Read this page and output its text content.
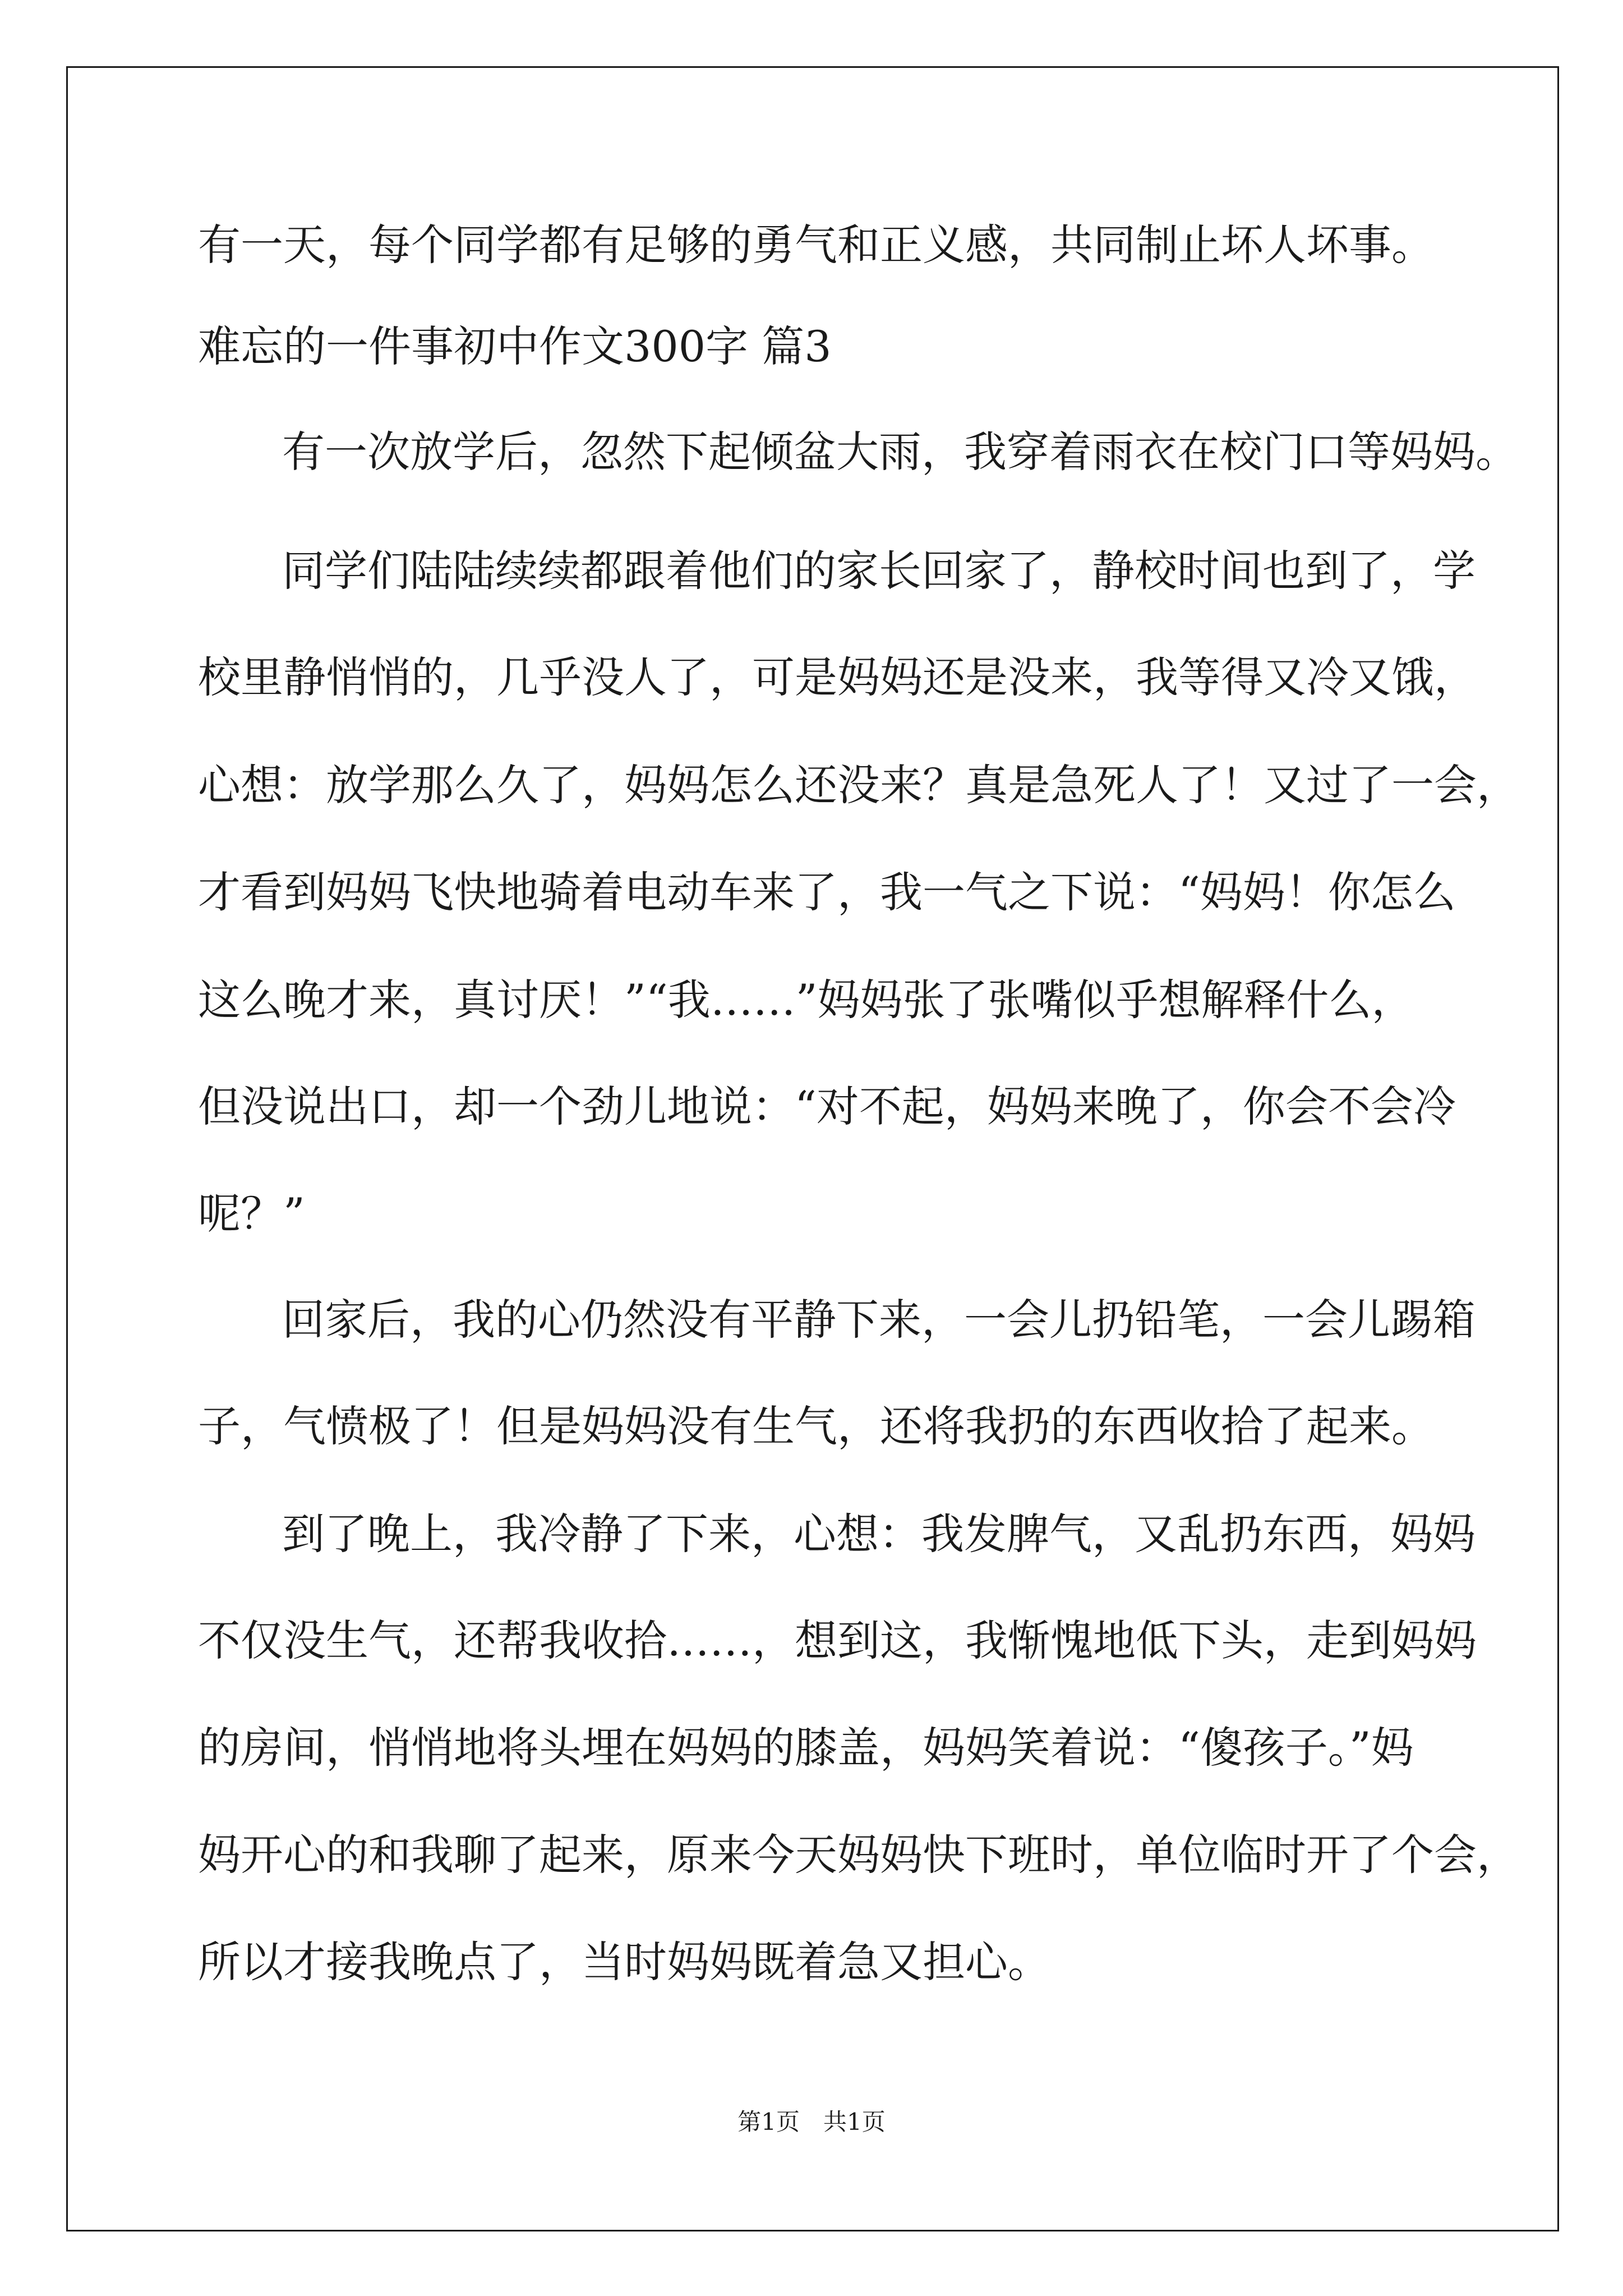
有一天，每个同学都有足够的勇气和正义感，共同制止坏人坏事。
难忘的一件事初中作文300字 篇3
有一次放学后，忽然下起倾盆大雨，我穿着雨衣在校门口等妈妈。
同学们陆陆续续都跟着他们的家长回家了，静校时间也到了，学
校里静悄悄的，几乎没人了，可是妈妈还是没来，我等得又冷又饿，
心想：放学那么久了，妈妈怎么还没来？真是急死人了！又过了一会，
才看到妈妈飞快地骑着电动车来了，我一气之下说：“妈妈！你怎么
这么晚才来，真讨厌！”“我……”妈妈张了张嘴似乎想解释什么，
但没说出口，却一个劲儿地说：“对不起，妈妈来晚了，你会不会冷
呢？”
回家后，我的心仍然没有平静下来，一会儿扔铅笔，一会儿踢箱
子，气愤极了！但是妈妈没有生气，还将我扔的东西收拾了起来。
到了晚上，我冷静了下来，心想：我发脾气，又乱扔东西，妈妈
不仅没生气，还帮我收拾……，想到这，我惭愧地低下头，走到妈妈
的房间，悄悄地将头埋在妈妈的膝盖，妈妈笑着说：“傻孩子。”妈
妈开心的和我聊了起来，原来今天妈妈快下班时，单位临时开了个会，
所以才接我晚点了，当时妈妈既着急又担心。
第1页　共1页
